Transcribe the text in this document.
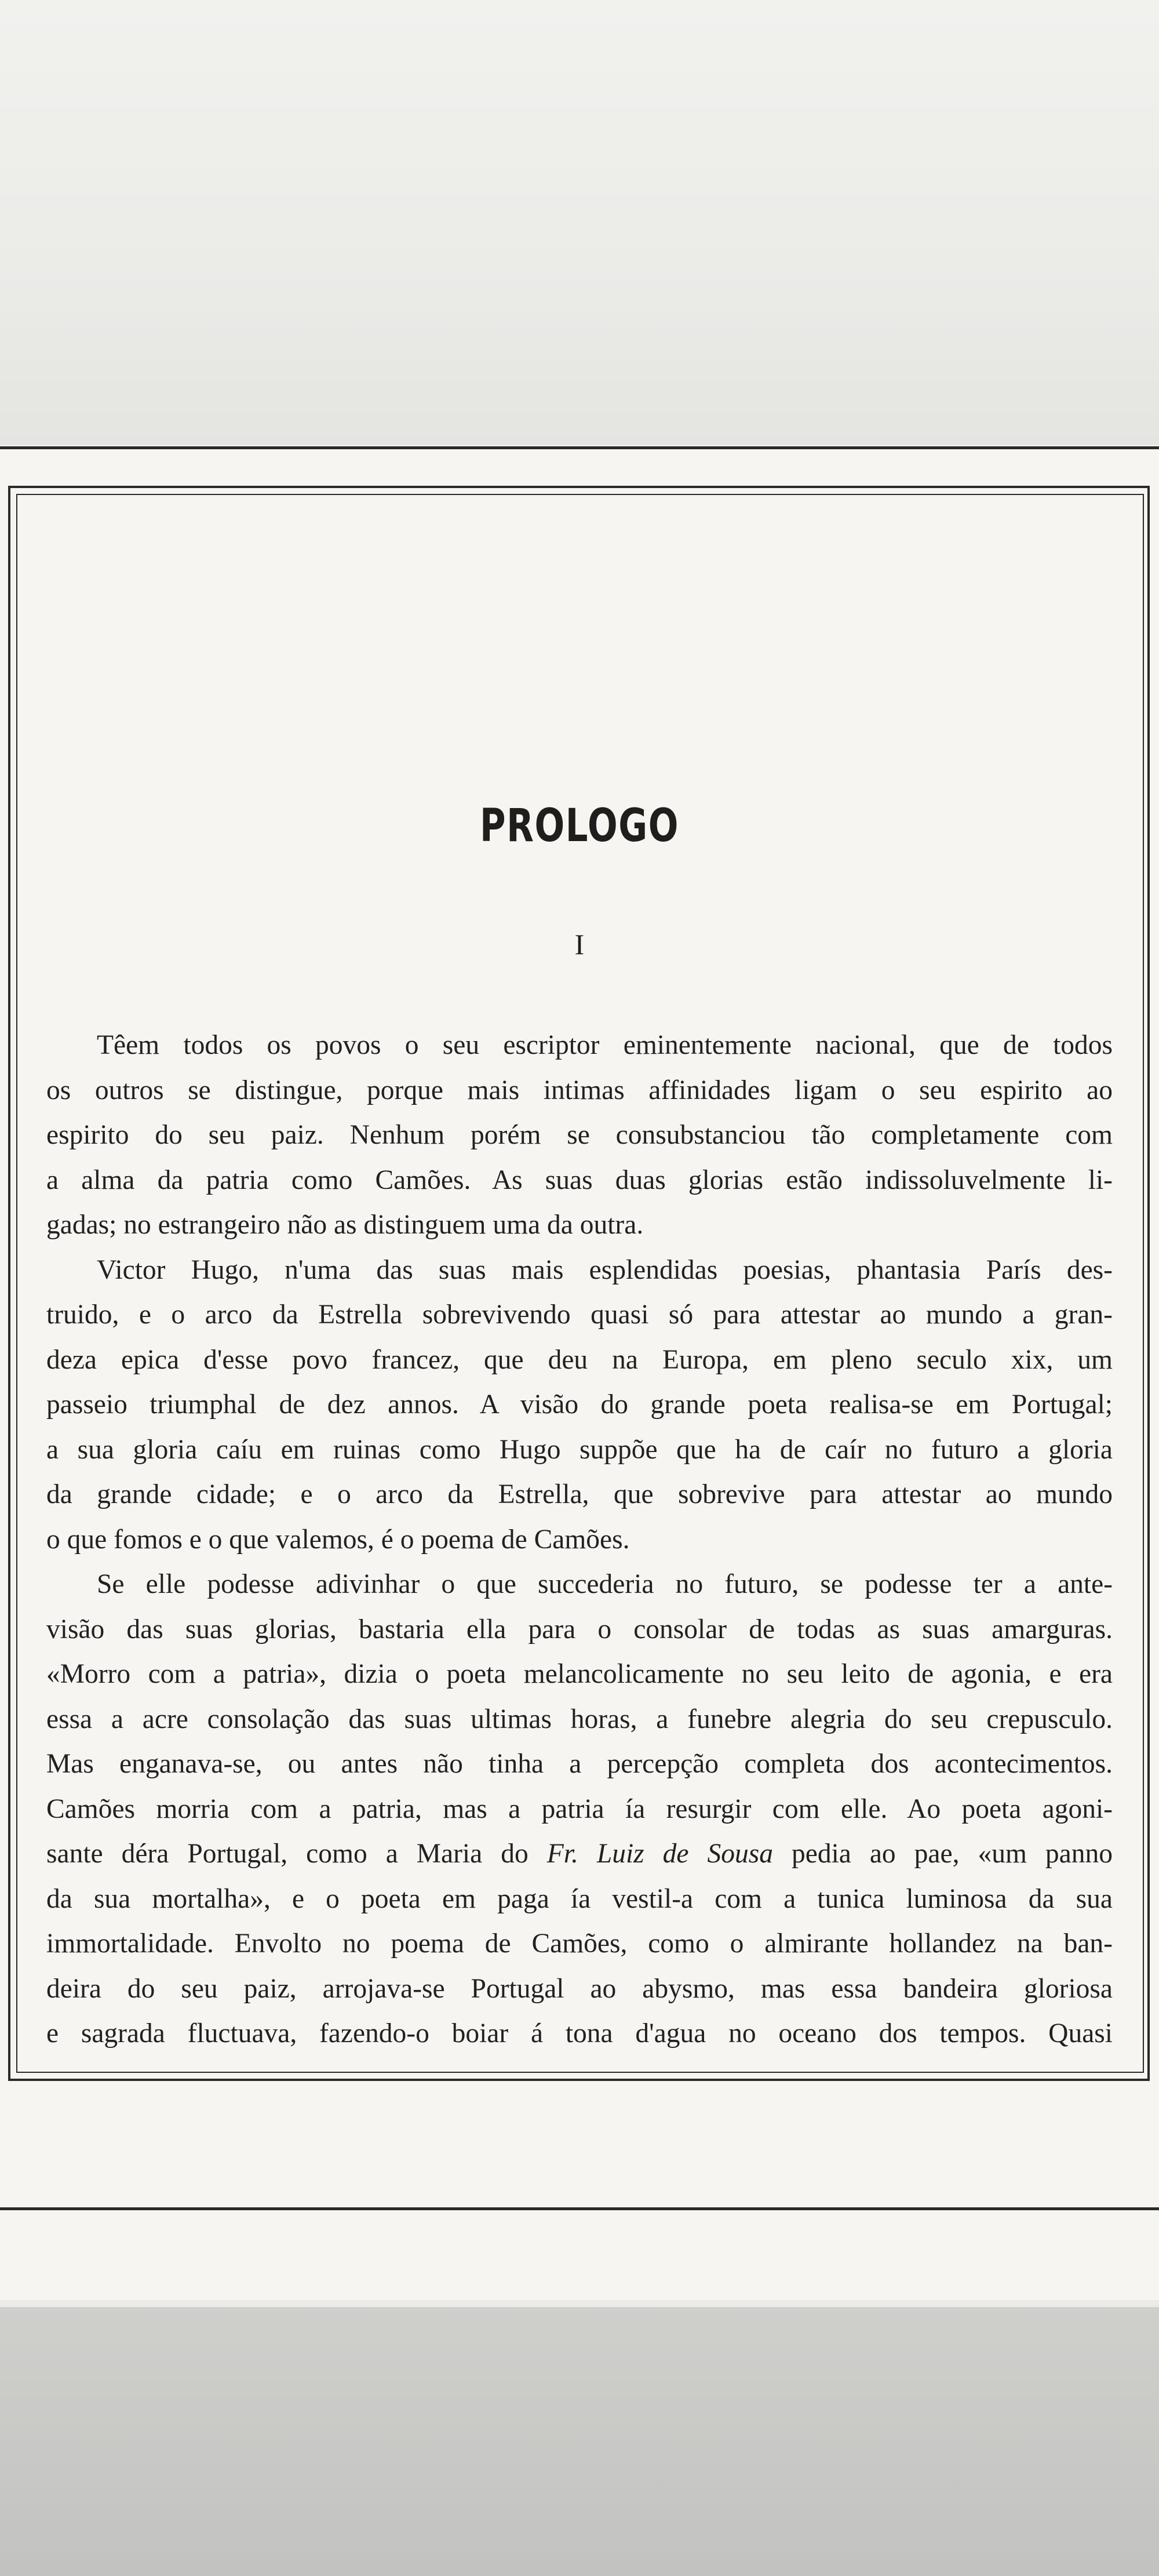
PROLOGO
I
Têem todos os povos o seu escriptor eminentemente nacional, que de todos
os outros se distingue, porque mais intimas affinidades ligam o seu espirito ao
espirito do seu paiz. Nenhum porém se consubstanciou tão completamente com
a alma da patria como Camões. As suas duas glorias estão indissoluvelmente li-
gadas; no estrangeiro não as distinguem uma da outra.
Victor Hugo, n'uma das suas mais esplendidas poesias, phantasia París des-
truido, e o arco da Estrella sobrevivendo quasi só para attestar ao mundo a gran-
deza epica d'esse povo francez, que deu na Europa, em pleno seculo xix, um
passeio triumphal de dez annos. A visão do grande poeta realisa-se em Portugal;
a sua gloria caíu em ruinas como Hugo suppõe que ha de caír no futuro a gloria
da grande cidade; e o arco da Estrella, que sobrevive para attestar ao mundo
o que fomos e o que valemos, é o poema de Camões.
Se elle podesse adivinhar o que succederia no futuro, se podesse ter a ante-
visão das suas glorias, bastaria ella para o consolar de todas as suas amarguras.
«Morro com a patria», dizia o poeta melancolicamente no seu leito de agonia, e era
essa a acre consolação das suas ultimas horas, a funebre alegria do seu crepusculo.
Mas enganava-se, ou antes não tinha a percepção completa dos acontecimentos.
Camões morria com a patria, mas a patria ía resurgir com elle. Ao poeta agoni-
sante déra Portugal, como a Maria do Fr. Luiz de Sousa pedia ao pae, «um panno
da sua mortalha», e o poeta em paga ía vestil-a com a tunica luminosa da sua
immortalidade. Envolto no poema de Camões, como o almirante hollandez na ban-
deira do seu paiz, arrojava-se Portugal ao abysmo, mas essa bandeira gloriosa
e sagrada fluctuava, fazendo-o boiar á tona d'agua no oceano dos tempos. Quasi
